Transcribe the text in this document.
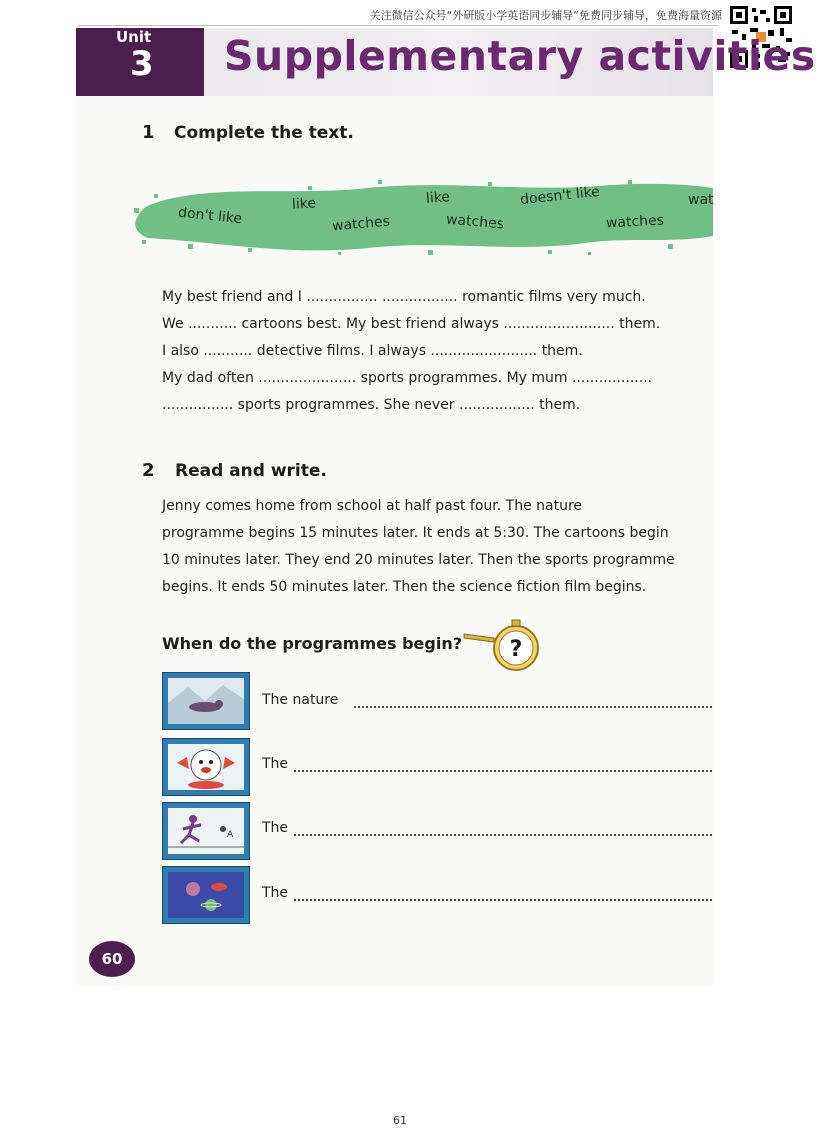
关注微信公众号“外研版小学英语同步辅导”免费同步辅导，免费海量资源
Unit
3 Supplementary activities
1 Complete the text.
don't like
like
watches
like
watches
doesn't like
watches
wat
My best friend and I ................ ................. romantic films very much.
We ........... cartoons best. My best friend always ......................... them.
I also ........... detective films. I always ........................ them.
My dad often ...................... sports programmes. My mum ..................
................ sports programmes. She never ................. them.
2 Read and write.
Jenny comes home from school at half past four. The nature
programme begins 15 minutes later. It ends at 5:30. The cartoons begin
10 minutes later. They end 20 minutes later. Then the sports programme
begins. It ends 50 minutes later. Then the science fiction film begins.
When do the programmes begin? ?
The nature
The
A The
The
60
61
